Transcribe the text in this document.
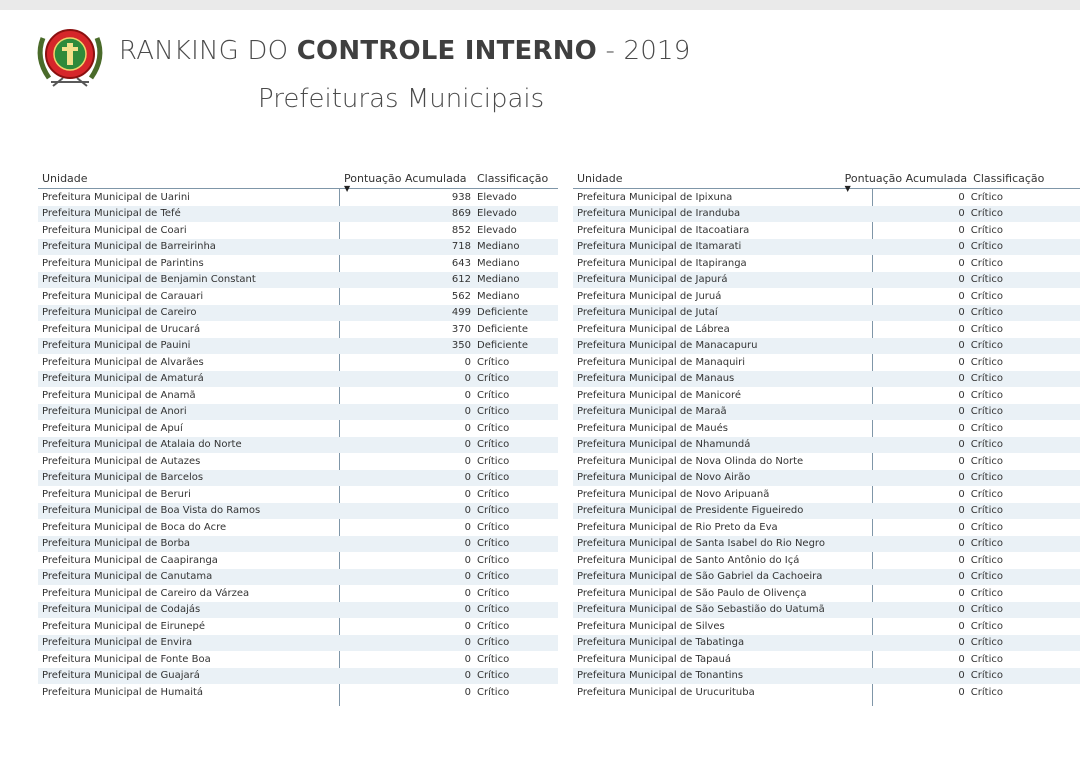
RANKING DO CONTROLE INTERNO - 2019
Prefeituras Municipais
Unidade	Pontuação Acumulada
▼
Classificação
Prefeitura Municipal de Uarini	938 Elevado
Prefeitura Municipal de Tefé	869 Elevado
Prefeitura Municipal de Coari	852 Elevado
Prefeitura Municipal de Barreirinha	718 Mediano
Prefeitura Municipal de Parintins	643 Mediano
Prefeitura Municipal de Benjamin Constant	612 Mediano
Prefeitura Municipal de Carauari	562 Mediano
Prefeitura Municipal de Careiro	499 Deficiente
Prefeitura Municipal de Urucará	370 Deficiente
Prefeitura Municipal de Pauini	350 Deficiente
Prefeitura Municipal de Alvarães	0 Crítico
Prefeitura Municipal de Amaturá	0 Crítico
Prefeitura Municipal de Anamã	0 Crítico
Prefeitura Municipal de Anori	0 Crítico
Prefeitura Municipal de Apuí	0 Crítico
Prefeitura Municipal de Atalaia do Norte	0 Crítico
Prefeitura Municipal de Autazes	0 Crítico
Prefeitura Municipal de Barcelos	0 Crítico
Prefeitura Municipal de Beruri	0 Crítico
Prefeitura Municipal de Boa Vista do Ramos	0 Crítico
Prefeitura Municipal de Boca do Acre	0 Crítico
Prefeitura Municipal de Borba	0 Crítico
Prefeitura Municipal de Caapiranga	0 Crítico
Prefeitura Municipal de Canutama	0 Crítico
Prefeitura Municipal de Careiro da Várzea	0 Crítico
Prefeitura Municipal de Codajás	0 Crítico
Prefeitura Municipal de Eirunepé	0 Crítico
Prefeitura Municipal de Envira	0 Crítico
Prefeitura Municipal de Fonte Boa	0 Crítico
Prefeitura Municipal de Guajará	0 Crítico
Prefeitura Municipal de Humaitá	0 Crítico
Unidade	Pontuação Acumulada
▼
Classificação
Prefeitura Municipal de Ipixuna	0 Crítico
Prefeitura Municipal de Iranduba	0 Crítico
Prefeitura Municipal de Itacoatiara	0 Crítico
Prefeitura Municipal de Itamarati	0 Crítico
Prefeitura Municipal de Itapiranga	0 Crítico
Prefeitura Municipal de Japurá	0 Crítico
Prefeitura Municipal de Juruá	0 Crítico
Prefeitura Municipal de Jutaí	0 Crítico
Prefeitura Municipal de Lábrea	0 Crítico
Prefeitura Municipal de Manacapuru	0 Crítico
Prefeitura Municipal de Manaquiri	0 Crítico
Prefeitura Municipal de Manaus	0 Crítico
Prefeitura Municipal de Manicoré	0 Crítico
Prefeitura Municipal de Maraã	0 Crítico
Prefeitura Municipal de Maués	0 Crítico
Prefeitura Municipal de Nhamundá	0 Crítico
Prefeitura Municipal de Nova Olinda do Norte	0 Crítico
Prefeitura Municipal de Novo Airão	0 Crítico
Prefeitura Municipal de Novo Aripuanã	0 Crítico
Prefeitura Municipal de Presidente Figueiredo	0 Crítico
Prefeitura Municipal de Rio Preto da Eva	0 Crítico
Prefeitura Municipal de Santa Isabel do Rio Negro	0 Crítico
Prefeitura Municipal de Santo Antônio do Içá	0 Crítico
Prefeitura Municipal de São Gabriel da Cachoeira	0 Crítico
Prefeitura Municipal de São Paulo de Olivença	0 Crítico
Prefeitura Municipal de São Sebastião do Uatumã	0 Crítico
Prefeitura Municipal de Silves	0 Crítico
Prefeitura Municipal de Tabatinga	0 Crítico
Prefeitura Municipal de Tapauá	0 Crítico
Prefeitura Municipal de Tonantins	0 Crítico
Prefeitura Municipal de Urucurituba	0 Crítico
